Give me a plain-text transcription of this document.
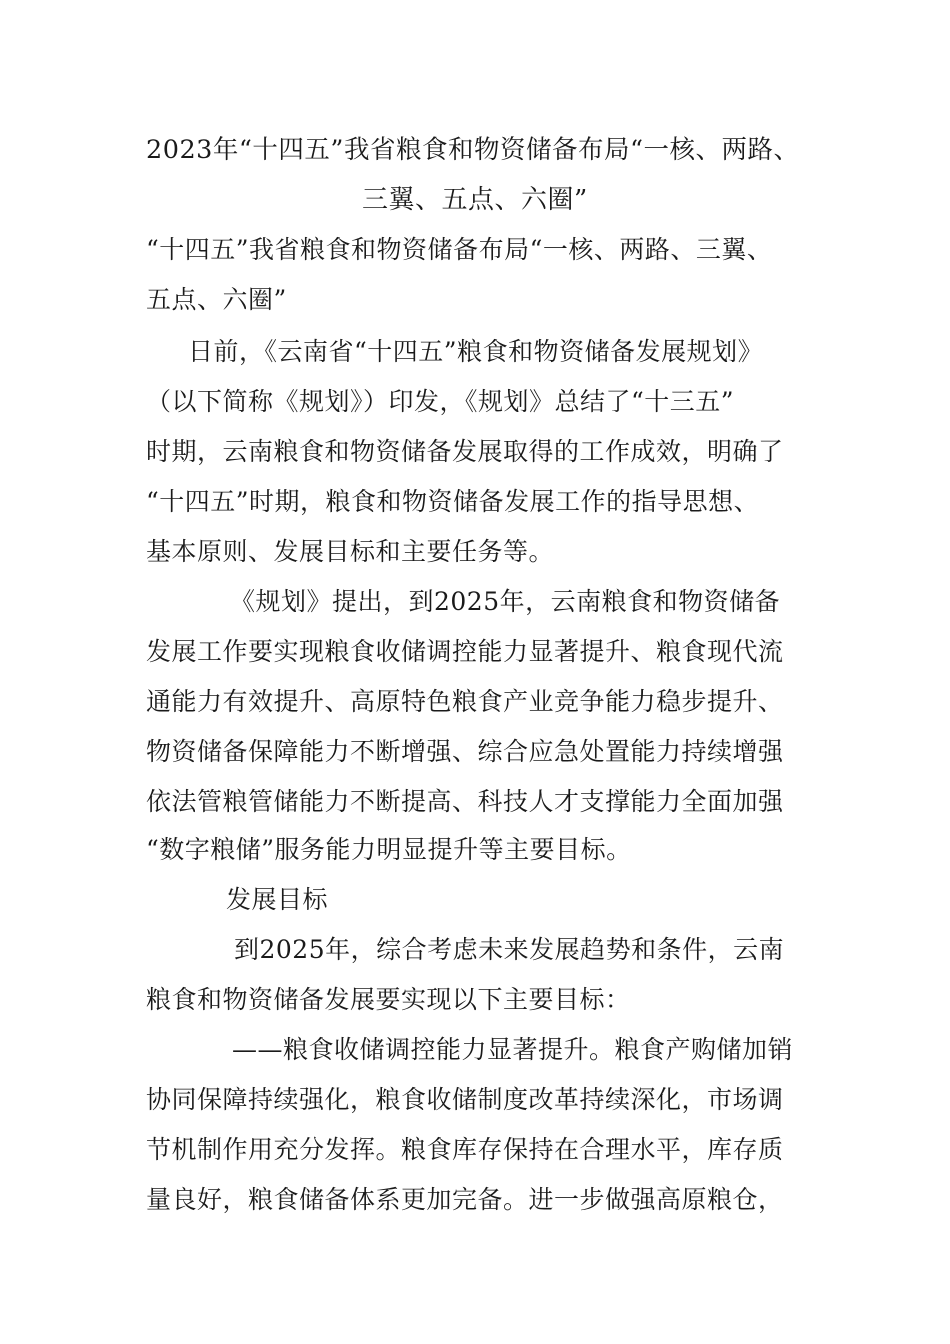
2023年“十四五”我省粮食和物资储备布局“一核、两路、
三翼、五点、六圈”
“十四五”我省粮食和物资储备布局“一核、两路、三翼、
五点、六圈”
日前，《云南省“十四五”粮食和物资储备发展规划》
（以下简称《规划》）印发，《规划》总结了“十三五”
时期，云南粮食和物资储备发展取得的工作成效，明确了
“十四五”时期，粮食和物资储备发展工作的指导思想、
基本原则、发展目标和主要任务等。
《规划》提出，到2025年，云南粮食和物资储备
发展工作要实现粮食收储调控能力显著提升、粮食现代流
通能力有效提升、高原特色粮食产业竞争能力稳步提升、
物资储备保障能力不断增强、综合应急处置能力持续增强
依法管粮管储能力不断提高、科技人才支撑能力全面加强
“数字粮储”服务能力明显提升等主要目标。
发展目标
到2025年，综合考虑未来发展趋势和条件，云南
粮食和物资储备发展要实现以下主要目标：
——粮食收储调控能力显著提升。粮食产购储加销
协同保障持续强化，粮食收储制度改革持续深化，市场调
节机制作用充分发挥。粮食库存保持在合理水平，库存质
量良好，粮食储备体系更加完备。进一步做强高原粮仓，
